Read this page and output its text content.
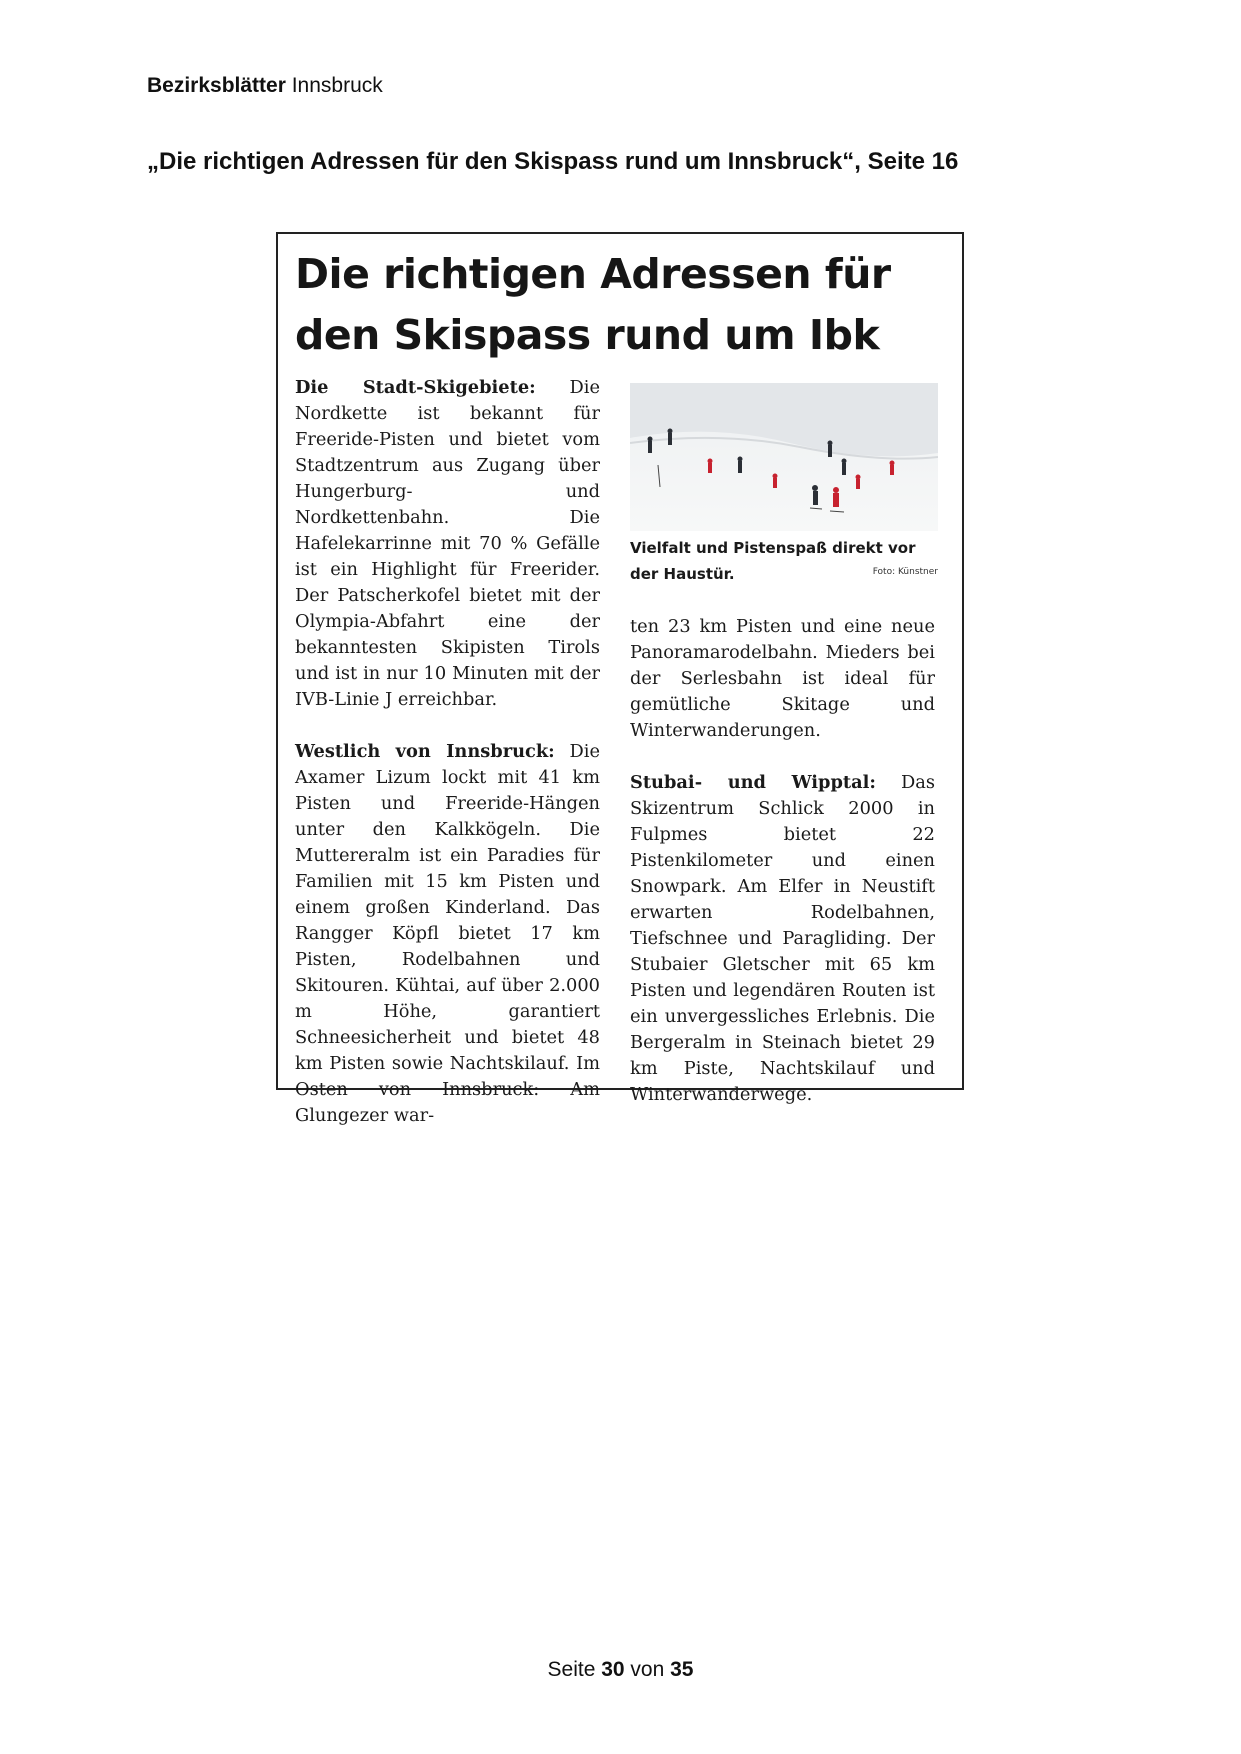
Bezirksblätter Innsbruck
„Die richtigen Adressen für den Skispass rund um Innsbruck“, Seite 16
Die richtigen Adressen für den Skispass rund um Ibk

Die Stadt-Skigebiete: Die Nordkette ist bekannt für Freeride-Pisten und bietet vom Stadtzentrum aus Zugang über Hungerburg- und Nordkettenbahn. Die Hafelekarrinne mit 70 % Gefälle ist ein Highlight für Freerider. Der Patscherkofel bietet mit der Olympia-Abfahrt eine der bekanntesten Skipisten Tirols und ist in nur 10 Minuten mit der IVB-Linie J erreichbar.

Westlich von Innsbruck: Die Axamer Lizum lockt mit 41 km Pisten und Freeride-Hängen unter den Kalkkögeln. Die Muttereralm ist ein Paradies für Familien mit 15 km Pisten und einem großen Kinderland. Das Rangger Köpfl bietet 17 km Pisten, Rodelbahnen und Skitouren. Kühtai, auf über 2.000 m Höhe, garantiert Schneesicherheit und bietet 48 km Pisten sowie Nachtskilauf. Im Osten von Innsbruck: Am Glungezer war-

Vielfalt und Pistenspaß direkt vor der Haustür.	Foto: Künstner

ten 23 km Pisten und eine neue Panoramarodelbahn. Mieders bei der Serlesbahn ist ideal für gemütliche Skitage und Winterwanderungen.

Stubai- und Wipptal: Das Skizentrum Schlick 2000 in Fulpmes bietet 22 Pistenkilometer und einen Snowpark. Am Elfer in Neustift erwarten Rodelbahnen, Tiefschnee und Paragliding. Der Stubaier Gletscher mit 65 km Pisten und legendären Routen ist ein unvergessliches Erlebnis. Die Bergeralm in Steinach bietet 29 km Piste, Nachtskilauf und Winterwanderwege.

Seite 30 von 35
